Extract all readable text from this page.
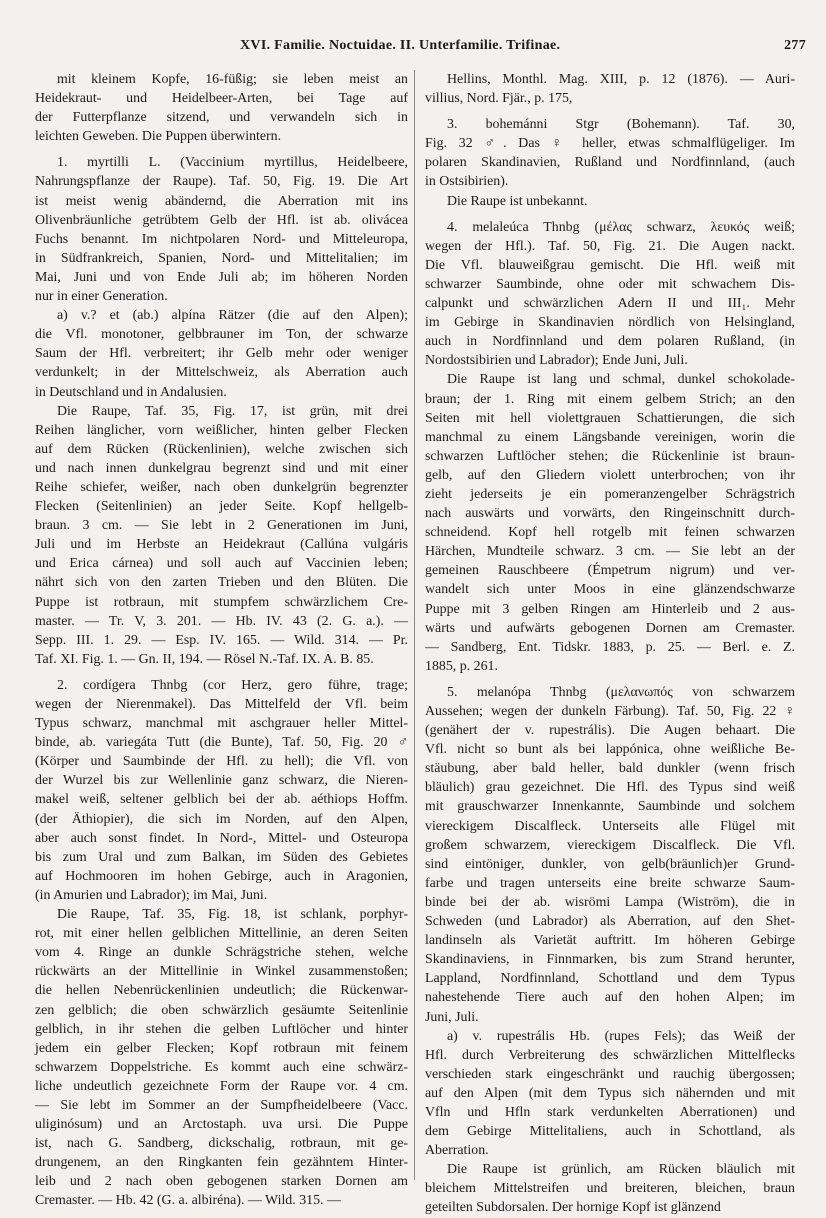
XVI. Familie. Noctuidae. II. Unterfamilie. Trifinae.	277
mit kleinem Kopfe, 16-füßig; sie leben meist an
Heidekraut- und Heidelbeer-Arten, bei Tage auf
der Futterpflanze sitzend, und verwandeln sich in
leichten Geweben. Die Puppen überwintern.
1. myrtilli L. (Vaccinium myrtillus, Heidelbeere,
Nahrungspflanze der Raupe). Taf. 50, Fig. 19. Die Art
ist meist wenig abändernd, die Aberration mit ins
Olivenbräunliche getrübtem Gelb der Hfl. ist ab. olivácea
Fuchs benannt. Im nichtpolaren Nord- und Mitteleuropa,
in Südfrankreich, Spanien, Nord- und Mittelitalien; im
Mai, Juni und von Ende Juli ab; im höheren Norden
nur in einer Generation.
a) v.? et (ab.) alpína Rätzer (die auf den Alpen);
die Vfl. monotoner, gelbbrauner im Ton, der schwarze
Saum der Hfl. verbreitert; ihr Gelb mehr oder weniger
verdunkelt; in der Mittelschweiz, als Aberration auch
in Deutschland und in Andalusien.
Die Raupe, Taf. 35, Fig. 17, ist grün, mit drei
Reihen länglicher, vorn weißlicher, hinten gelber Flecken
auf dem Rücken (Rückenlinien), welche zwischen sich
und nach innen dunkelgrau begrenzt sind und mit einer
Reihe schiefer, weißer, nach oben dunkelgrün begrenzter
Flecken (Seitenlinien) an jeder Seite. Kopf hellgelb-
braun. 3 cm. — Sie lebt in 2 Generationen im Juni,
Juli und im Herbste an Heidekraut (Callúna vulgáris
und Erica cárnea) und soll auch auf Vaccinien leben;
nährt sich von den zarten Trieben und den Blüten. Die
Puppe ist rotbraun, mit stumpfem schwärzlichem Cre-
master. — Tr. V, 3. 201. — Hb. IV. 43 (2. G. a.). —
Sepp. III. 1. 29. — Esp. IV. 165. — Wild. 314. — Pr.
Taf. XI. Fig. 1. — Gn. II, 194. — Rösel N.-Taf. IX. A. B. 85.
2. cordígera Thnbg (cor Herz, gero führe, trage;
wegen der Nierenmakel). Das Mittelfeld der Vfl. beim
Typus schwarz, manchmal mit aschgrauer heller Mittel-
binde, ab. variegáta Tutt (die Bunte), Taf. 50, Fig. 20 ♂
(Körper und Saumbinde der Hfl. zu hell); die Vfl. von
der Wurzel bis zur Wellenlinie ganz schwarz, die Nieren-
makel weiß, seltener gelblich bei der ab. aéthiops Hoffm.
(der Äthiopier), die sich im Norden, auf den Alpen,
aber auch sonst findet. In Nord-, Mittel- und Osteuropa
bis zum Ural und zum Balkan, im Süden des Gebietes
auf Hochmooren im hohen Gebirge, auch in Aragonien,
(in Amurien und Labrador); im Mai, Juni.
Die Raupe, Taf. 35, Fig. 18, ist schlank, porphyr-
rot, mit einer hellen gelblichen Mittellinie, an deren Seiten
vom 4. Ringe an dunkle Schrägstriche stehen, welche
rückwärts an der Mittellinie in Winkel zusammenstoßen;
die hellen Nebenrückenlinien undeutlich; die Rückenwar-
zen gelblich; die oben schwärzlich gesäumte Seitenlinie
gelblich, in ihr stehen die gelben Luftlöcher und hinter
jedem ein gelber Flecken; Kopf rotbraun mit feinem
schwarzem Doppelstriche. Es kommt auch eine schwärz-
liche undeutlich gezeichnete Form der Raupe vor. 4 cm.
— Sie lebt im Sommer an der Sumpfheidelbeere (Vacc.
uliginósum) und an Arctostaph. uva ursi. Die Puppe
ist, nach G. Sandberg, dickschalig, rotbraun, mit ge-
drungenem, an den Ringkanten fein gezähntem Hinter-
leib und 2 nach oben gebogenen starken Dornen am
Cremaster. — Hb. 42 (G. a. albiréna). — Wild. 315. —
Hellins, Monthl. Mag. XIII, p. 12 (1876). — Auri-
villius, Nord. Fjär., p. 175,
3. bohemánni Stgr (Bohemann). Taf. 30,
Fig. 32 ♂. Das ♀ heller, etwas schmalflügeliger. Im
polaren Skandinavien, Rußland und Nordfinnland, (auch
in Ostsibirien).
Die Raupe ist unbekannt.
4. melaleúca Thnbg (μέλας schwarz, λευκός weiß;
wegen der Hfl.). Taf. 50, Fig. 21. Die Augen nackt.
Die Vfl. blauweißgrau gemischt. Die Hfl. weiß mit
schwarzer Saumbinde, ohne oder mit schwachem Dis-
calpunkt und schwärzlichen Adern II und III₁. Mehr
im Gebirge in Skandinavien nördlich von Helsingland,
auch in Nordfinnland und dem polaren Rußland, (in
Nordostsibirien und Labrador); Ende Juni, Juli.
Die Raupe ist lang und schmal, dunkel schokolade-
braun; der 1. Ring mit einem gelbem Strich; an den
Seiten mit hell violettgrauen Schattierungen, die sich
manchmal zu einem Längsbande vereinigen, worin die
schwarzen Luftlöcher stehen; die Rückenlinie ist braun-
gelb, auf den Gliedern violett unterbrochen; von ihr
zieht jederseits je ein pomeranzengelber Schrägstrich
nach auswärts und vorwärts, den Ringeinschnitt durch-
schneidend. Kopf hell rotgelb mit feinen schwarzen
Härchen, Mundteile schwarz. 3 cm. — Sie lebt an der
gemeinen Rauschbeere (Émpetrum nigrum) und ver-
wandelt sich unter Moos in eine glänzendschwarze
Puppe mit 3 gelben Ringen am Hinterleib und 2 aus-
wärts und aufwärts gebogenen Dornen am Cremaster.
— Sandberg, Ent. Tidskr. 1883, p. 25. — Berl. e. Z.
1885, p. 261.
5. melanópa Thnbg (μελανωπός von schwarzem
Aussehen; wegen der dunkeln Färbung). Taf. 50, Fig. 22 ♀
(genähert der v. rupestrális). Die Augen behaart. Die
Vfl. nicht so bunt als bei lappónica, ohne weißliche Be-
stäubung, aber bald heller, bald dunkler (wenn frisch
bläulich) grau gezeichnet. Die Hfl. des Typus sind weiß
mit grauschwarzer Innenkannte, Saumbinde und solchem
viereckigem Discalfleck. Unterseits alle Flügel mit
großem schwarzem, viereckigem Discalfleck. Die Vfl.
sind eintöniger, dunkler, von gelb(bräunlich)er Grund-
farbe und tragen unterseits eine breite schwarze Saum-
binde bei der ab. wisrömi Lampa (Wiström), die in
Schweden (und Labrador) als Aberration, auf den Shet-
landinseln als Varietät auftritt. Im höheren Gebirge
Skandinaviens, in Finnmarken, bis zum Strand herunter,
Lappland, Nordfinnland, Schottland und dem Typus
nahestehende Tiere auch auf den hohen Alpen; im
Juni, Juli.
a) v. rupestrális Hb. (rupes Fels); das Weiß der
Hfl. durch Verbreiterung des schwärzlichen Mittelflecks
verschieden stark eingeschränkt und rauchig übergossen;
auf den Alpen (mit dem Typus sich nähernden und mit
Vfln und Hfln stark verdunkelten Aberrationen) und
dem Gebirge Mittelitaliens, auch in Schottland, als
Aberration.
Die Raupe ist grünlich, am Rücken bläulich mit
bleichem Mittelstreifen und breiteren, bleichen, braun
geteilten Subdorsalen. Der hornige Kopf ist glänzend
